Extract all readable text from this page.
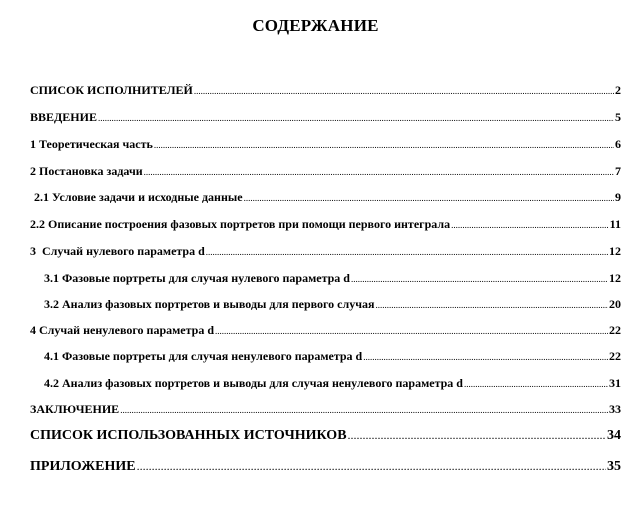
СОДЕРЖАНИЕ
СПИСОК ИСПОЛНИТЕЛЕЙ .....	2
ВВЕДЕНИЕ .....	5
1 Теоретическая часть .....	6
2 Постановка задачи .....	7
2.1 Условие задачи и исходные данные .....	9
2.2 Описание построения фазовых портретов при помощи первого интеграла .....	11
3  Случай нулевого параметра d .....	12
3.1 Фазовые портреты для случая нулевого параметра d .....	12
3.2 Анализ фазовых портретов и выводы для первого случая .....	20
4 Случай ненулевого параметра d .....	22
4.1 Фазовые портреты для случая ненулевого параметра d .....	22
4.2 Анализ фазовых портретов и выводы для случая ненулевого параметра d .....	31
ЗАКЛЮЧЕНИЕ .....	33
СПИСОК ИСПОЛЬЗОВАННЫХ ИСТОЧНИКОВ .....	34
ПРИЛОЖЕНИЕ .....	35
